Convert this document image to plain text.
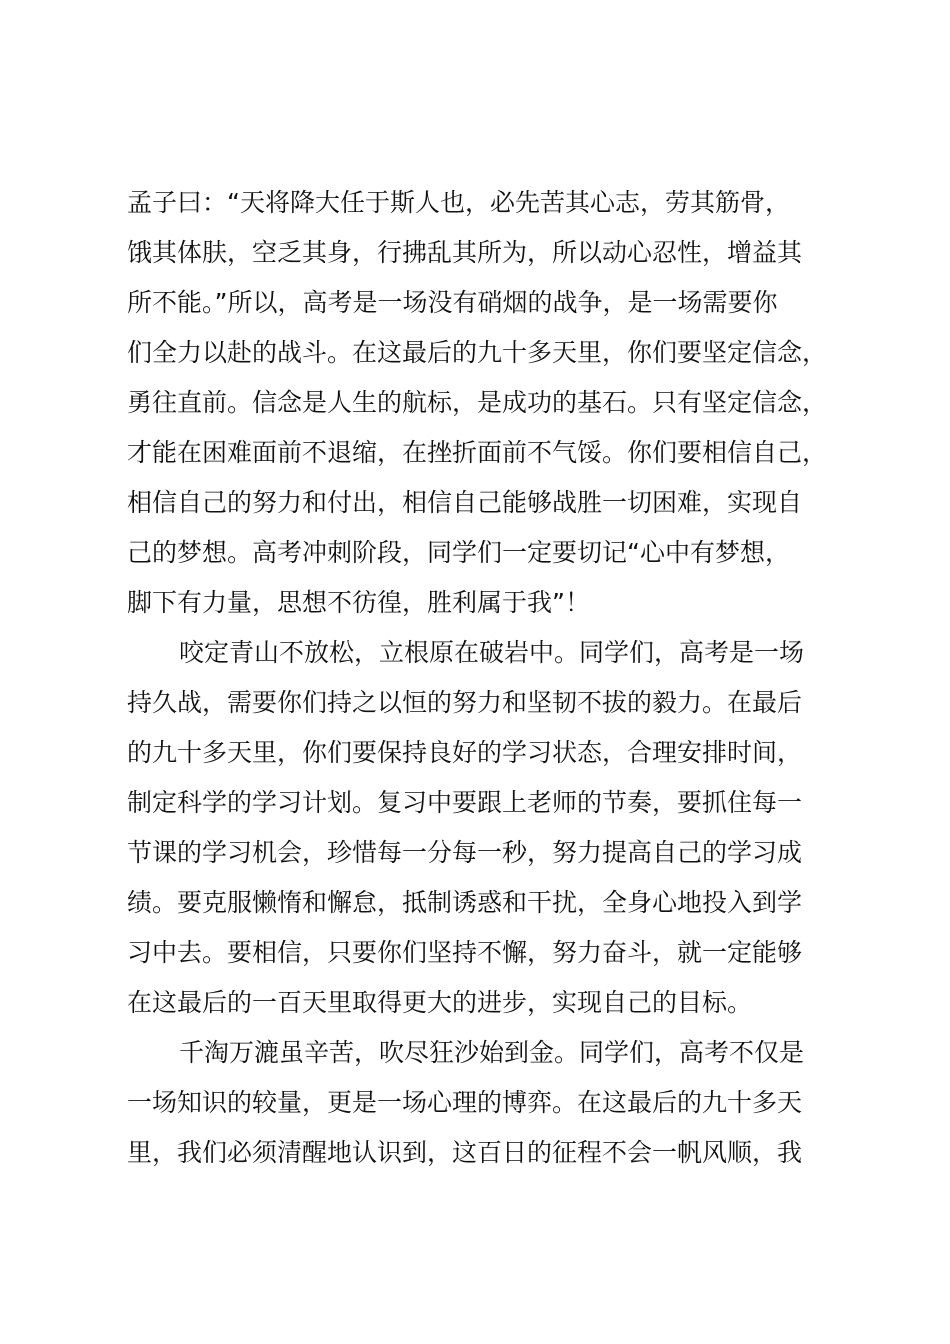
孟子曰：“天将降大任于斯人也，必先苦其心志，劳其筋骨，
饿其体肤，空乏其身，行拂乱其所为，所以动心忍性，增益其
所不能。”所以，高考是一场没有硝烟的战争，是一场需要你
们全力以赴的战斗。在这最后的九十多天里，你们要坚定信念，
勇往直前。信念是人生的航标，是成功的基石。只有坚定信念，
才能在困难面前不退缩，在挫折面前不气馁。你们要相信自己，
相信自己的努力和付出，相信自己能够战胜一切困难，实现自
己的梦想。高考冲刺阶段，同学们一定要切记“心中有梦想，
脚下有力量，思想不彷徨，胜利属于我”！
咬定青山不放松，立根原在破岩中。同学们，高考是一场
持久战，需要你们持之以恒的努力和坚韧不拔的毅力。在最后
的九十多天里，你们要保持良好的学习状态，合理安排时间，
制定科学的学习计划。复习中要跟上老师的节奏，要抓住每一
节课的学习机会，珍惜每一分每一秒，努力提高自己的学习成
绩。要克服懒惰和懈怠，抵制诱惑和干扰，全身心地投入到学
习中去。要相信，只要你们坚持不懈，努力奋斗，就一定能够
在这最后的一百天里取得更大的进步，实现自己的目标。
千淘万漉虽辛苦，吹尽狂沙始到金。同学们，高考不仅是
一场知识的较量，更是一场心理的博弈。在这最后的九十多天
里，我们必须清醒地认识到，这百日的征程不会一帆风顺，我
